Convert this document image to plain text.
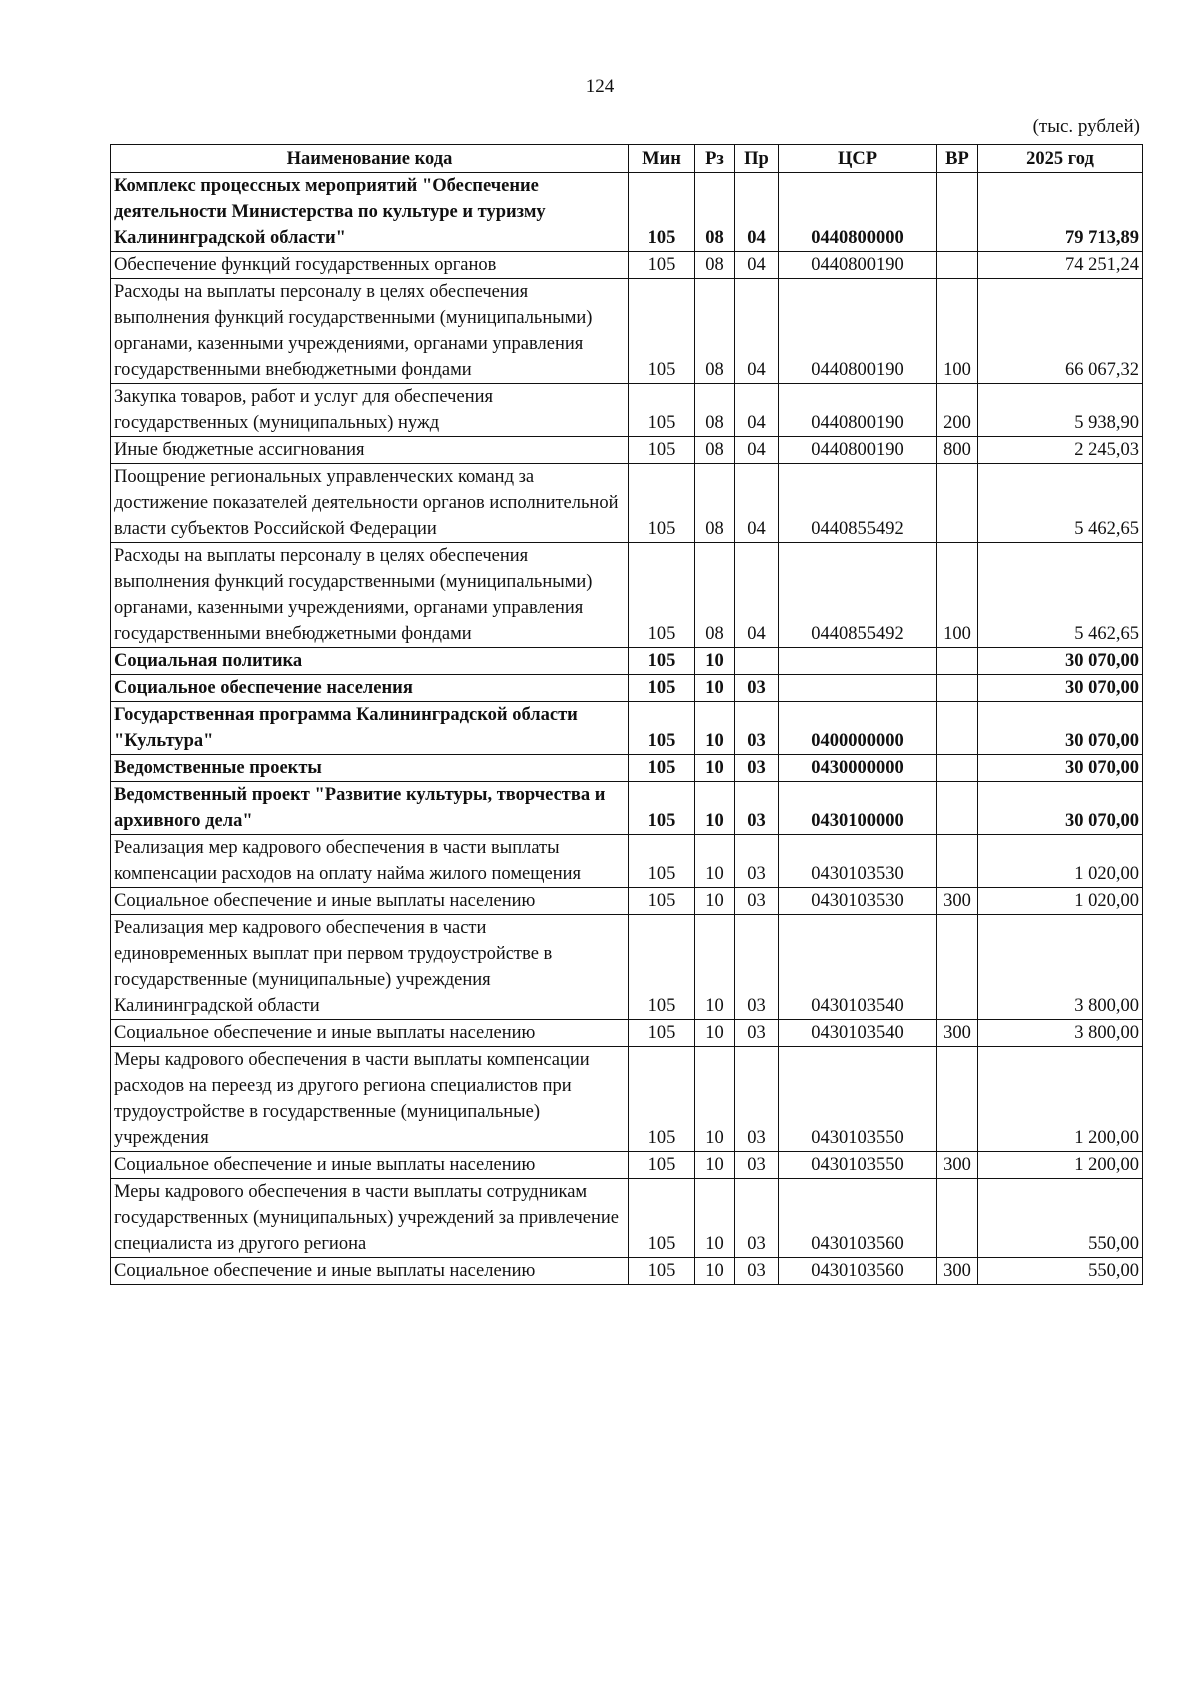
124
(тыс. рублей)
Наименование кода	Мин	Рз	Пр	ЦСР	ВР	2025 год
Комплекс процессных мероприятий "Обеспечение деятельности Министерства по культуре и туризму Калининградской области"	105	08	04	0440800000		79 713,89
Обеспечение функций государственных органов	105	08	04	0440800190		74 251,24
Расходы на выплаты персоналу в целях обеспечения выполнения функций государственными (муниципальными) органами, казенными учреждениями, органами управления государственными внебюджетными фондами	105	08	04	0440800190	100	66 067,32
Закупка товаров, работ и услуг для обеспечения государственных (муниципальных) нужд	105	08	04	0440800190	200	5 938,90
Иные бюджетные ассигнования	105	08	04	0440800190	800	2 245,03
Поощрение региональных управленческих команд за достижение показателей деятельности органов исполнительной власти субъектов Российской Федерации	105	08	04	0440855492		5 462,65
Расходы на выплаты персоналу в целях обеспечения выполнения функций государственными (муниципальными) органами, казенными учреждениями, органами управления государственными внебюджетными фондами	105	08	04	0440855492	100	5 462,65
Социальная политика	105	10				30 070,00
Социальное обеспечение населения	105	10	03			30 070,00
Государственная программа Калининградской области "Культура"	105	10	03	0400000000		30 070,00
Ведомственные проекты	105	10	03	0430000000		30 070,00
Ведомственный проект "Развитие культуры, творчества и архивного дела"	105	10	03	0430100000		30 070,00
Реализация мер кадрового обеспечения в части выплаты компенсации расходов на оплату найма жилого помещения	105	10	03	0430103530		1 020,00
Социальное обеспечение и иные выплаты населению	105	10	03	0430103530	300	1 020,00
Реализация мер кадрового обеспечения в части единовременных выплат при первом трудоустройстве в государственные (муниципальные) учреждения Калининградской области	105	10	03	0430103540		3 800,00
Социальное обеспечение и иные выплаты населению	105	10	03	0430103540	300	3 800,00
Меры кадрового обеспечения в части выплаты компенсации расходов на переезд из другого региона специалистов при трудоустройстве в государственные (муниципальные) учреждения	105	10	03	0430103550		1 200,00
Социальное обеспечение и иные выплаты населению	105	10	03	0430103550	300	1 200,00
Меры кадрового обеспечения в части выплаты сотрудникам государственных (муниципальных) учреждений за привлечение специалиста из другого региона	105	10	03	0430103560		550,00
Социальное обеспечение и иные выплаты населению	105	10	03	0430103560	300	550,00
